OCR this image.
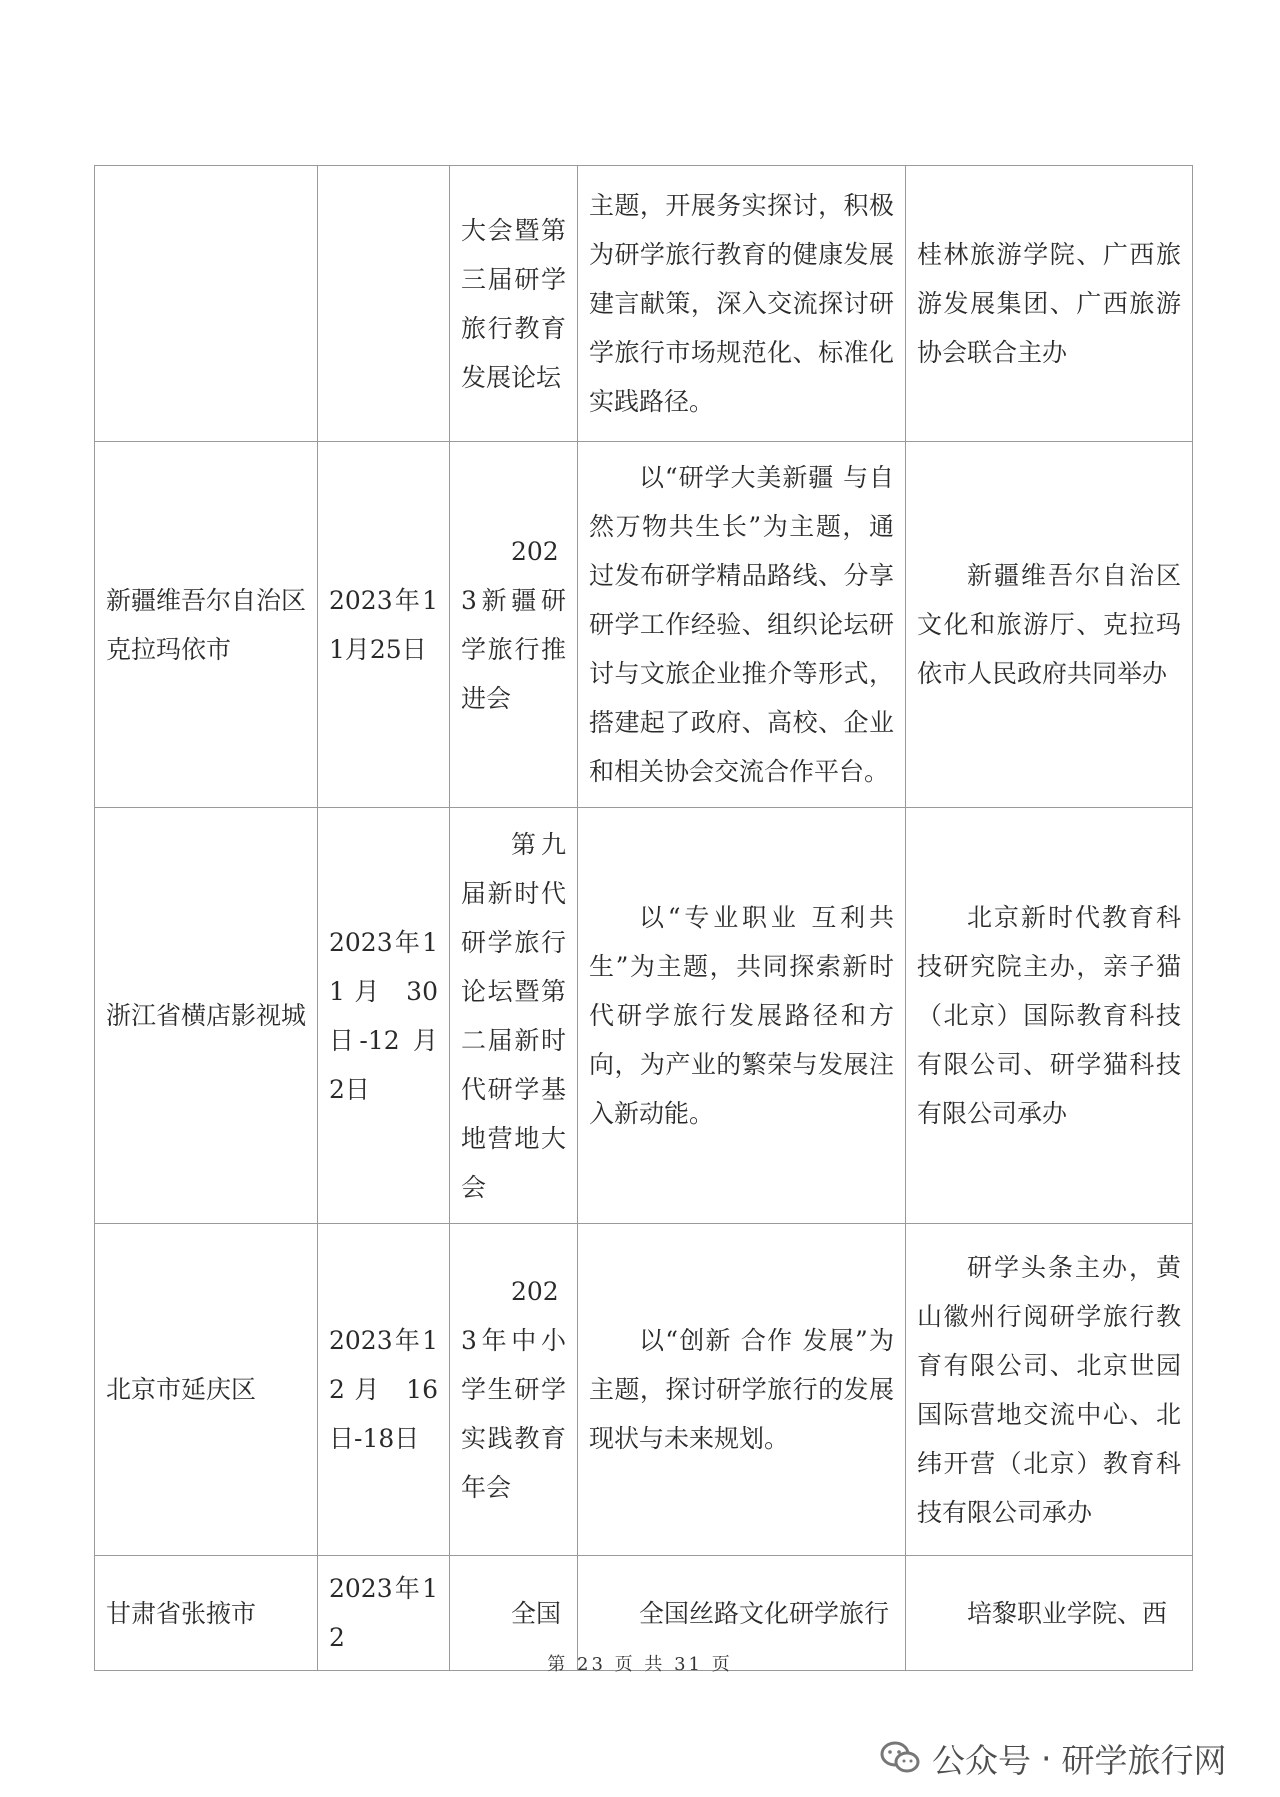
		大会暨第三届研学旅行教育发展论坛	主题，开展务实探讨，积极为研学旅行教育的健康发展建言献策，深入交流探讨研学旅行市场规范化、标准化实践路径。	桂林旅游学院、广西旅游发展集团、广西旅游协会联合主办
新疆维吾尔自治区克拉玛依市	2023年11月25日	2023新疆研学旅行推进会	以“研学大美新疆 与自然万物共生长”为主题，通过发布研学精品路线、分享研学工作经验、组织论坛研讨与文旅企业推介等形式，搭建起了政府、高校、企业和相关协会交流合作平台。	新疆维吾尔自治区文化和旅游厅、克拉玛依市人民政府共同举办

浙江省横店影视城	2023年11月 30 日-12 月 2日	第九届新时代研学旅行论坛暨第二届新时代研学基地营地大会	以“专业职业 互利共生”为主题，共同探索新时代研学旅行发展路径和方向，为产业的繁荣与发展注入新动能。	北京新时代教育科技研究院主办，亲子猫（北京）国际教育科技有限公司、研学猫科技有限公司承办

北京市延庆区	2023年12月 16 日-18日	2023年中小学生研学实践教育年会	以“创新 合作 发展”为主题，探讨研学旅行的发展现状与未来规划。	研学头条主办，黄山徽州行阅研学旅行教育有限公司、北京世园国际营地交流中心、北纬开营（北京）教育科技有限公司承办

甘肃省张掖市	2023年12	全国	全国丝路文化研学旅行	培黎职业学院、西
第 23 页 共 31 页
公众号 · 研学旅行网
